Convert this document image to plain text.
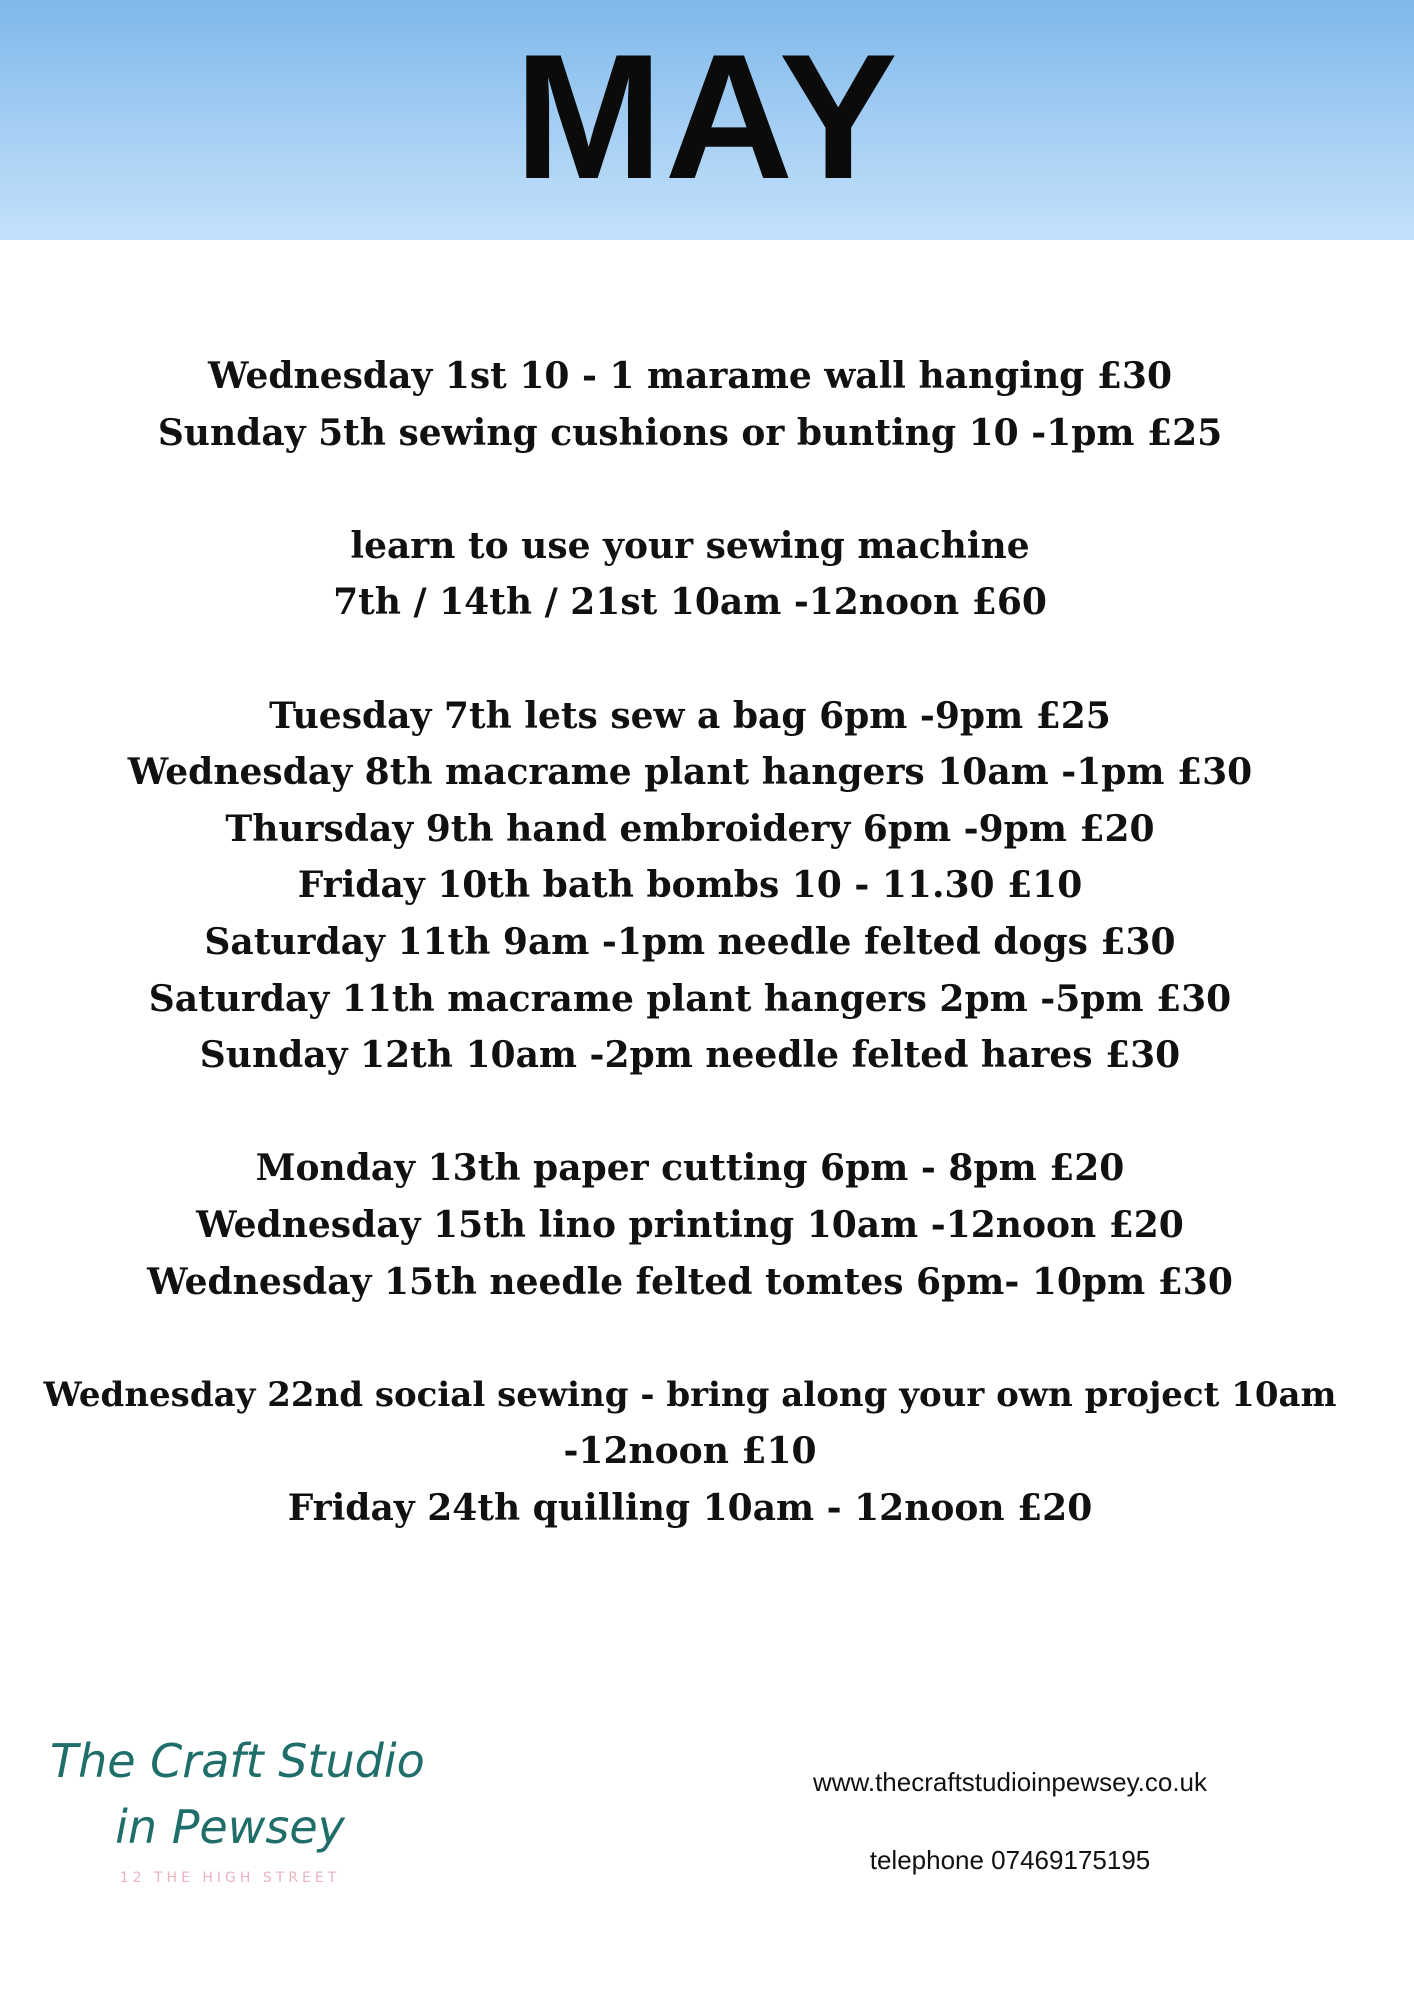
MAY
Wednesday 1st 10 - 1 marame wall hanging £30
Sunday 5th sewing cushions or bunting 10 -1pm £25
learn to use your sewing machine
7th / 14th / 21st 10am -12noon £60
Tuesday 7th lets sew a bag 6pm -9pm £25
Wednesday 8th macrame plant hangers 10am -1pm £30
Thursday 9th hand embroidery 6pm -9pm £20
Friday 10th bath bombs 10 - 11.30 £10
Saturday 11th 9am -1pm needle felted dogs £30
Saturday 11th macrame plant hangers 2pm -5pm £30
Sunday 12th 10am -2pm needle felted hares £30
Monday 13th paper cutting 6pm - 8pm £20
Wednesday 15th lino printing 10am -12noon £20
Wednesday 15th needle felted tomtes 6pm- 10pm £30
Wednesday 22nd social sewing - bring along your own project 10am
-12noon £10
Friday 24th quilling 10am - 12noon £20
The Craft Studio
in Pewsey
12 THE HIGH STREET
www.thecraftstudioinpewsey.co.uk
telephone 07469175195
